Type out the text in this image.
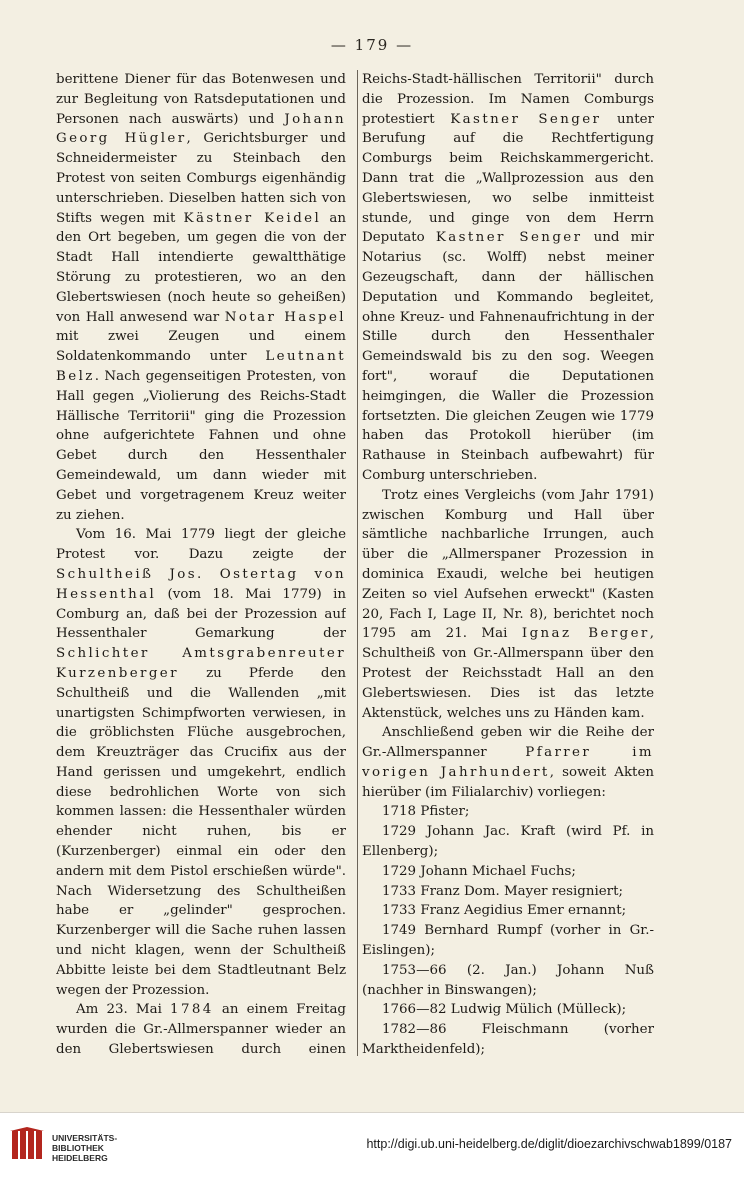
— 179 —

berittene Diener für das Botenwesen und zur Begleitung von Ratsdeputationen und Personen nach auswärts) und Johann Georg Hügler, Gerichtsburger und Schneidermeister zu Steinbach den Protest von seiten Comburgs eigenhändig unterschrieben. Dieselben hatten sich von Stifts wegen mit Kästner Keidel an den Ort begeben, um gegen die von der Stadt Hall intendierte gewaltthätige Störung zu protestieren, wo an den Glebertswiesen (noch heute so geheißen) von Hall anwesend war Notar Haspel mit zwei Zeugen und einem Soldatenkommando unter Leutnant Belz. Nach gegenseitigen Protesten, von Hall gegen „Violierung des Reichs-Stadt Hällische Territorii" ging die Prozession ohne aufgerichtete Fahnen und ohne Gebet durch den Hessenthaler Gemeindewald, um dann wieder mit Gebet und vorgetragenem Kreuz weiter zu ziehen.

Vom 16. Mai 1779 liegt der gleiche Protest vor. Dazu zeigte der Schultheiß Jos. Ostertag von Hessenthal (vom 18. Mai 1779) in Comburg an, daß bei der Prozession auf Hessenthaler Gemarkung der Schlichter Amtsgrabenreuter Kurzenberger zu Pferde den Schultheiß und die Wallenden „mit unartigsten Schimpfworten verwiesen, in die gröblichsten Flüche ausgebrochen, dem Kreuzträger das Crucifix aus der Hand gerissen und umgekehrt, endlich diese bedrohlichen Worte von sich kommen lassen: die Hessenthaler würden ehender nicht ruhen, bis er (Kurzenberger) einmal ein oder den andern mit dem Pistol erschießen würde". Nach Widersetzung des Schultheißen habe er „gelinder" gesprochen. Kurzenberger will die Sache ruhen lassen und nicht klagen, wenn der Schultheiß Abbitte leiste bei dem Stadtleutnant Belz wegen der Prozession.

Am 23. Mai 1784 an einem Freitag wurden die Gr.-Allmerspanner wieder an den Glebertswiesen durch einen

Reichs-Stadt-hällischen Territorii" durch die Prozession. Im Namen Comburgs protestiert Kastner Senger unter Berufung auf die Rechtfertigung Comburgs beim Reichskammergericht. Dann trat die „Wallprozession aus den Glebertswiesen, wo selbe inmitteist stunde, und ginge von dem Herrn Deputato Kastner Senger und mir Notarius (sc. Wolff) nebst meiner Gezeugschaft, dann der hällischen Deputation und Kommando begleitet, ohne Kreuz- und Fahnenaufrichtung in der Stille durch den Hessenthaler Gemeindswald bis zu den sog. Weegen fort", worauf die Deputationen heimgingen, die Waller die Prozession fortsetzten. Die gleichen Zeugen wie 1779 haben das Protokoll hierüber (im Rathause in Steinbach aufbewahrt) für Comburg unterschrieben.

Trotz eines Vergleichs (vom Jahr 1791) zwischen Komburg und Hall über sämtliche nachbarliche Irrungen, auch über die „Allmerspaner Prozession in dominica Exaudi, welche bei heutigen Zeiten so viel Aufsehen erweckt" (Kasten 20, Fach I, Lage II, Nr. 8), berichtet noch 1795 am 21. Mai Ignaz Berger, Schultheiß von Gr.-Allmerspann über den Protest der Reichsstadt Hall an den Glebertswiesen. Dies ist das letzte Aktenstück, welches uns zu Händen kam.

Anschließend geben wir die Reihe der Gr.-Allmerspanner Pfarrer im vorigen Jahrhundert, soweit Akten hierüber (im Filialarchiv) vorliegen:

1718 Pfister;

1729 Johann Jac. Kraft (wird Pf. in Ellenberg);

1729 Johann Michael Fuchs;

1733 Franz Dom. Mayer resigniert;

1733 Franz Aegidius Emer ernannt;

1749 Bernhard Rumpf (vorher in Gr.-Eislingen);

1753—66 (2. Jan.) Johann Nuß (nachher in Binswangen);

1766—82 Ludwig Mülich (Mülleck);

1782—86 Fleischmann (vorher Marktheidenfeld);

UNIVERSITÄTS-
BIBLIOTHEK
HEIDELBERG
http://digi.ub.uni-heidelberg.de/diglit/dioezarchivschwab1899/0187
